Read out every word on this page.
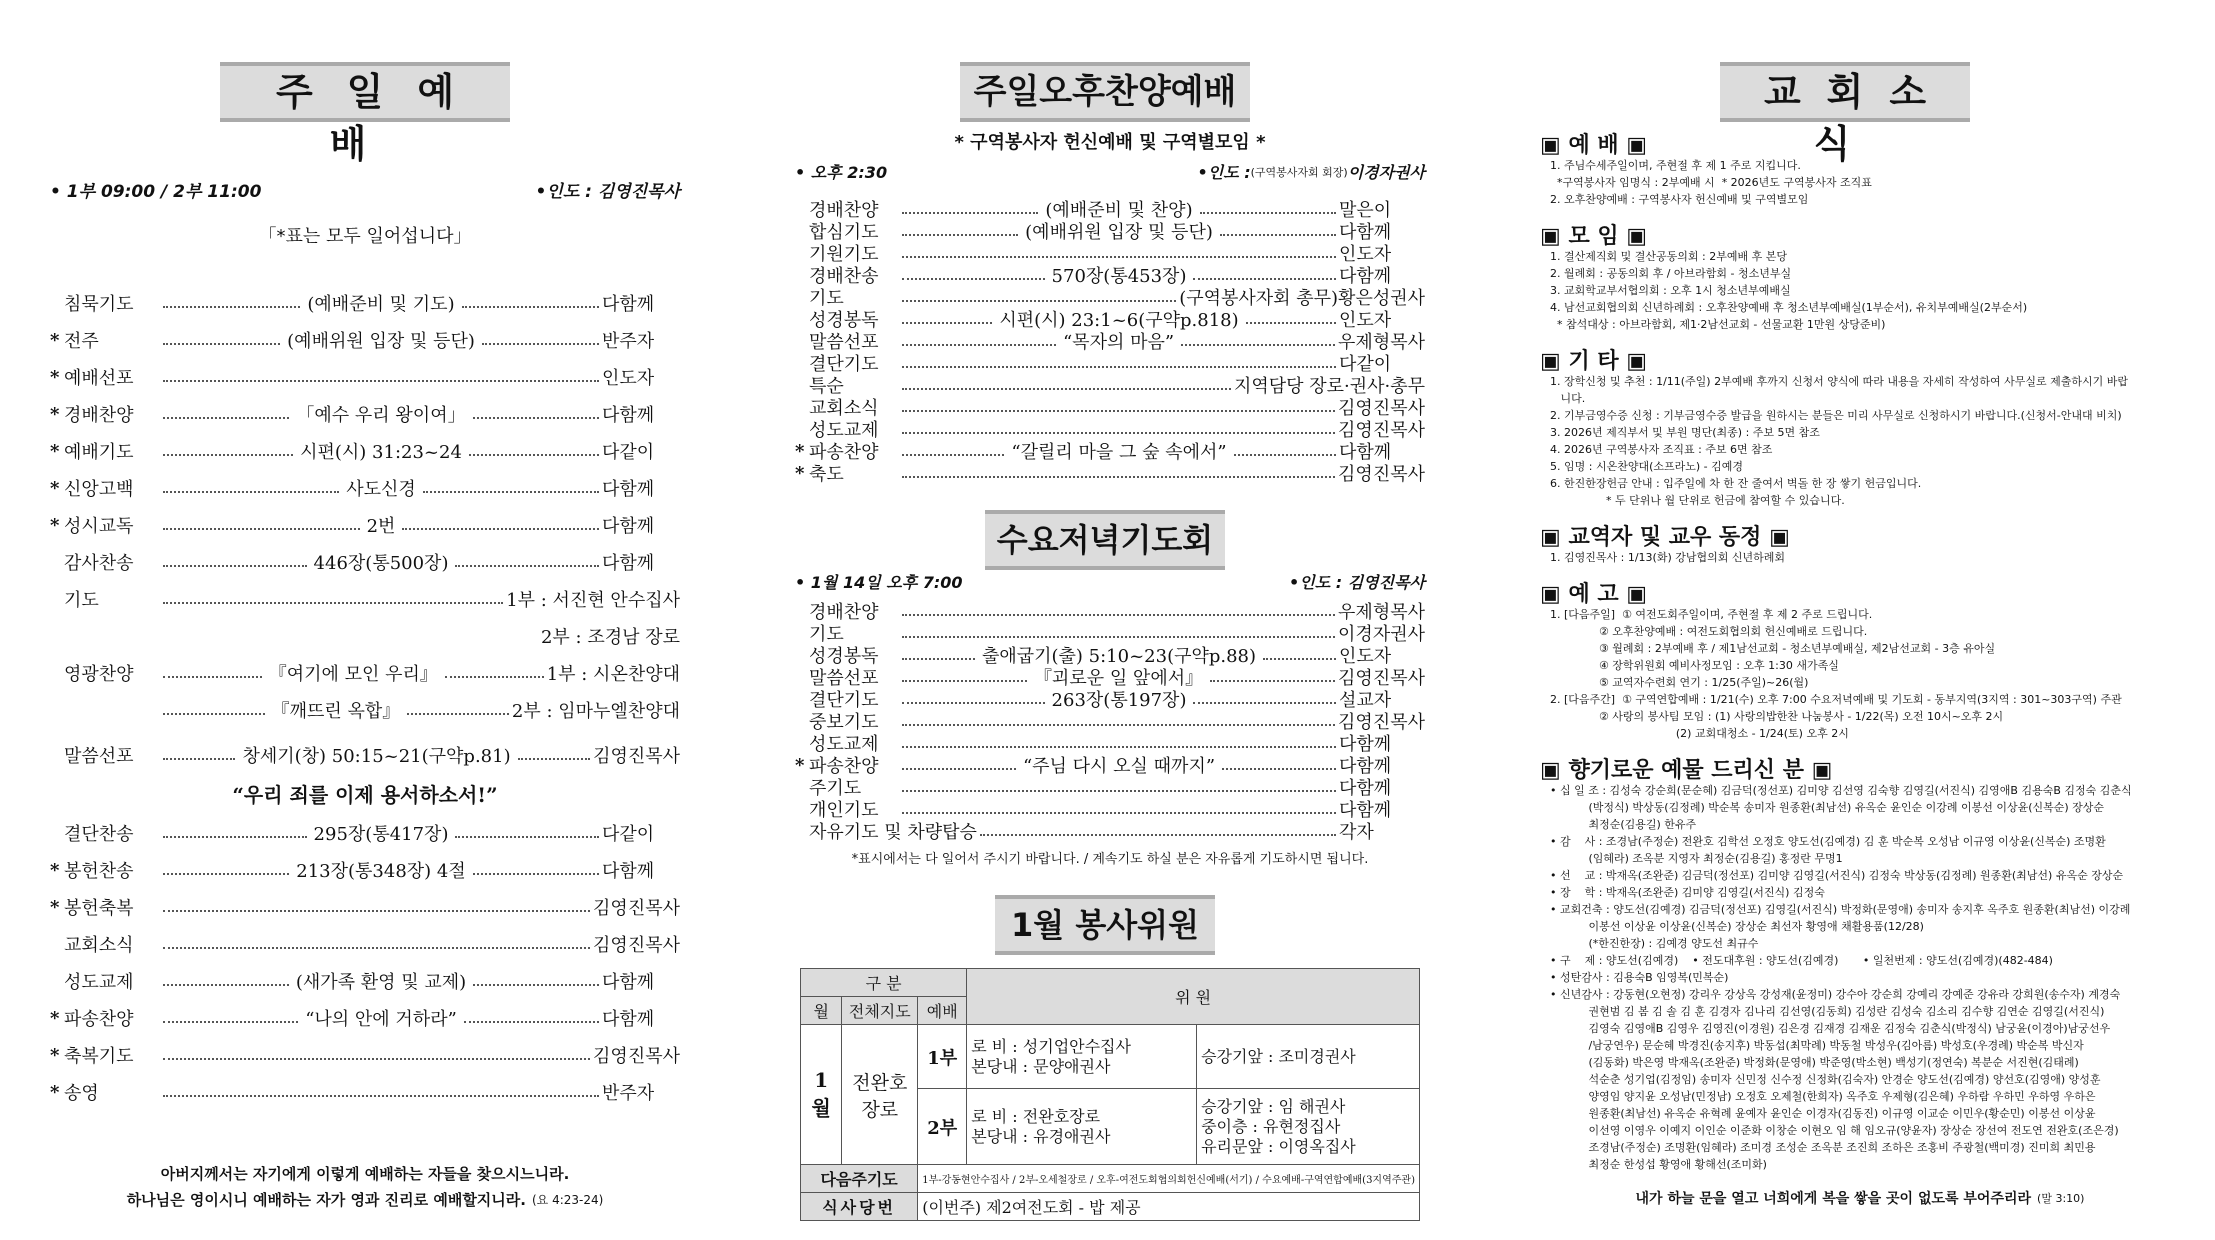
주일예배
• 1부 09:00 / 2부 11:00	•인도 : 김영진목사
「*표는 모두 일어섭니다」
침묵기도	(예배준비 및 기도)	다함께
* 전주	(예배위원 입장 및 등단)	반주자
* 예배선포	인도자
* 경배찬양	「예수 우리 왕이여」	다함께
* 예배기도	시편(시) 31:23~24	다같이
* 신앙고백	사도신경	다함께
* 성시교독	2번	다함께
감사찬송	446장(통500장)	다함께
기도	1부 : 서진현 안수집사
2부 : 조경남 장로
영광찬양	『여기에 모인 우리』	1부 : 시온찬양대
『깨뜨린 옥합』	2부 : 임마누엘찬양대
말씀선포	창세기(창) 50:15~21(구약p.81)	김영진목사
결단찬송	295장(통417장)	다같이
* 봉헌찬송	213장(통348장) 4절	다함께
* 봉헌축복	김영진목사
교회소식	김영진목사
성도교제	(새가족 환영 및 교제)	다함께
* 파송찬양	“나의 안에 거하라”	다함께
* 축복기도	김영진목사
* 송영	반주자
“우리 죄를 이제 용서하소서!”
아버지께서는 자기에게 이렇게 예배하는 자들을 찾으시느니라.
하나님은 영이시니 예배하는 자가 영과 진리로 예배할지니라. (요 4:23-24)
주일오후찬양예배
* 구역봉사자 헌신예배 및 구역별모임 *
• 오후 2:30	•인도 : (구역봉사자회 회장) 이경자권사
경배찬양	(예배준비 및 찬양)	말은이
합심기도	(예배위원 입장 및 등단)	다함께
기원기도	인도자
경배찬송	570장(통453장)	다함께
기도	(구역봉사자회 총무)황은성권사
성경봉독	시편(시) 23:1~6(구약p.818)	인도자
말씀선포	“목자의 마음”	우제형목사
결단기도	다같이
특순	지역담당 장로·권사·총무
교회소식	김영진목사
성도교제	김영진목사
* 파송찬양	“갈릴리 마을 그 숲 속에서”	다함께
* 축도	김영진목사
수요저녁기도회
• 1월 14일 오후 7:00	•인도 : 김영진목사
경배찬양	우제형목사
기도	이경자권사
성경봉독	출애굽기(출) 5:10~23(구약p.88)	인도자
말씀선포	『괴로운 일 앞에서』	김영진목사
결단기도	263장(통197장)	설교자
중보기도	김영진목사
성도교제	다함께
* 파송찬양	“주님 다시 오실 때까지”	다함께
주기도	다함께
개인기도	다함께
자유기도 및 차량탑승	각자
*표시에서는 다 일어서 주시기 바랍니다. / 계속기도 하실 분은 자유롭게 기도하시면 됩니다.
1월 봉사위원
구 분			위 원	
월	전체지도	예배		
1월	전완호 장로	1부	로 비 : 성기업안수집사
본당내 : 문양애권사	승강기앞 : 조미경권사
		2부	로 비 : 전완호장로
본당내 : 유경애권사	승강기앞 : 임 해권사
중이층 : 유현정집사
유리문앞 : 이영옥집사
다음주기도		1부-강동현안수집사 / 2부-오세철장로 / 오후-여전도회협의회헌신예배(서기) / 수요예배-구역연합예배(3지역주관)		
식사당번		(이번주) 제2여전도회 - 밥 제공		
교회소식
▣ 예 배 ▣
1. 주님수세주일이며, 주현절 후 제 1 주로 지킵니다.
*구역봉사자 임명식 : 2부예배 시  * 2026년도 구역봉사자 조직표
2. 오후찬양예배 : 구역봉사자 헌신예배 및 구역별모임
▣ 모 임 ▣
1. 결산제직회 및 결산공동의회 : 2부예배 후 본당
2. 월례회 : 공동의회 후 / 아브라함회 - 청소년부실
3. 교회학교부서협의회 : 오후 1시 청소년부예배실
4. 남선교회협의회 신년하례회 : 오후찬양예배 후 청소년부예배실(1부순서), 유치부예배실(2부순서)
* 참석대상 : 아브라함회, 제1·2남선교회 - 선물교환 1만원 상당준비)
▣ 기 타 ▣
1. 장학신청 및 추천 : 1/11(주일) 2부예배 후까지 신청서 양식에 따라 내용을 자세히 작성하여 사무실로 제출하시기 바랍
니다.
2. 기부금영수증 신청 : 기부금영수증 발급을 원하시는 분들은 미리 사무실로 신청하시기 바랍니다.(신청서-안내대 비치)
3. 2026년 제직부서 및 부원 명단(최종) : 주보 5면 참조
4. 2026년 구역봉사자 조직표 : 주보 6면 참조
5. 임명 : 시온찬양대(소프라노) - 김예경
6. 한진한장헌금 안내 : 입주일에 차 한 잔 줄여서 벽돌 한 장 쌓기 헌금입니다.
* 두 단위나 월 단위로 헌금에 참여할 수 있습니다.
▣ 교역자 및 교우 동정 ▣
1. 김영진목사 : 1/13(화) 강남협의회 신년하례회
▣ 예 고 ▣
1. [다음주일]  ① 여전도회주일이며, 주현절 후 제 2 주로 드립니다.
② 오후찬양예배 : 여전도회협의회 헌신예배로 드립니다.
③ 월례회 : 2부예배 후 / 제1남선교회 - 청소년부예배실, 제2남선교회 - 3층 유아실
④ 장학위원회 예비사정모임 : 오후 1:30 새가족실
⑤ 교역자수련회 연기 : 1/25(주일)~26(월)
2. [다음주간]  ① 구역연합예배 : 1/21(수) 오후 7:00 수요저녁예배 및 기도회 - 동부지역(3지역 : 301~303구역) 주관
② 사랑의 봉사팀 모임 : (1) 사랑의밥한찬 나눔봉사 - 1/22(목) 오전 10시~오후 2시
(2) 교회대청소 - 1/24(토) 오후 2시
▣ 향기로운 예물 드리신 분 ▣
• 십 일 조 : 김성숙 강순희(문순혜) 김금덕(정선포) 김미양 김선영 김숙향 김영길(서진식) 김영애B 김용숙B 김정숙 김춘식
(박정식) 박상동(김정례) 박순복 송미자 원종환(최남선) 유옥순 윤인순 이강례 이봉선 이상윤(신복순) 장상순
최정순(김용길) 한유주
• 감    사 : 조경남(주정순) 전완호 김학선 오정호 양도선(김예경) 김 훈 박순복 오성남 이규영 이상윤(신복순) 조명환
(임혜라) 조옥분 지영자 최정순(김용길) 홍정란 무명1
• 선    교 : 박재옥(조완준) 김금덕(정선포) 김미양 김영길(서진식) 김정숙 박상동(김정례) 원종환(최남선) 유옥순 장상순
• 장    학 : 박재옥(조완준) 김미양 김영길(서진식) 김정숙
• 교회건축 : 양도선(김예경) 김금덕(정선포) 김영길(서진식) 박정화(문영애) 송미자 송지후 옥주호 원종환(최남선) 이강례
이봉선 이상윤 이상윤(신복순) 장상순 최선자 황영애 채활용품(12/28)
(*한진한장) : 김예경 양도선 최규수
• 구    제 : 양도선(김예경)    • 전도대후원 : 양도선(김예경)       • 일천번제 : 양도선(김예경)(482-484)
• 성탄감사 : 김용숙B 임영복(민복순)
• 신년감사 : 강동현(오현정) 강리우 강상옥 강성재(윤정미) 강수아 강순희 강예리 강예준 강유라 강희원(송수자) 계경숙
권현범 김 봄 김 솔 김 훈 김경자 김나리 김선영(김동희) 김성란 김성숙 김소리 김수향 김연순 김영길(서진식)
김영숙 김영애B 김영우 김영진(이경원) 김은경 김재경 김재운 김정숙 김춘식(박정식) 남궁윤(이경아)남궁선우
/남궁연우) 문순혜 박경진(송지후) 박동섭(최막례) 박동철 박성우(김아름) 박성호(우경례) 박순복 박신자
(김동화) 박은영 박재옥(조완준) 박정화(문영애) 박준영(박소현) 백성기(정연숙) 복분순 서진현(김태례)
석순춘 성기업(김정임) 송미자 신민정 신수정 신정화(김숙자) 안경순 양도선(김예경) 양선호(김영애) 양성훈
양영임 양지윤 오성남(민정남) 오정호 오제철(한희자) 옥주호 우제형(김은혜) 우하람 우하민 우하영 우하은
원종환(최남선) 유옥순 유혁례 윤예자 윤인순 이경자(김동진) 이규영 이교순 이민우(황순민) 이봉선 이상윤
이선영 이영우 이예지 이인순 이준화 이창순 이현오 임 해 임오규(양윤자) 장상순 장선여 전도연 전완호(조은경)
조경남(주정순) 조명환(임혜라) 조미경 조성순 조옥분 조진희 조하은 조홍비 주광철(백미경) 진미희 최민용
최정순 한성섭 황영애 황해선(조미화)
내가 하늘 문을 열고 너희에게 복을 쌓을 곳이 없도록 부어주리라 (말 3:10)
